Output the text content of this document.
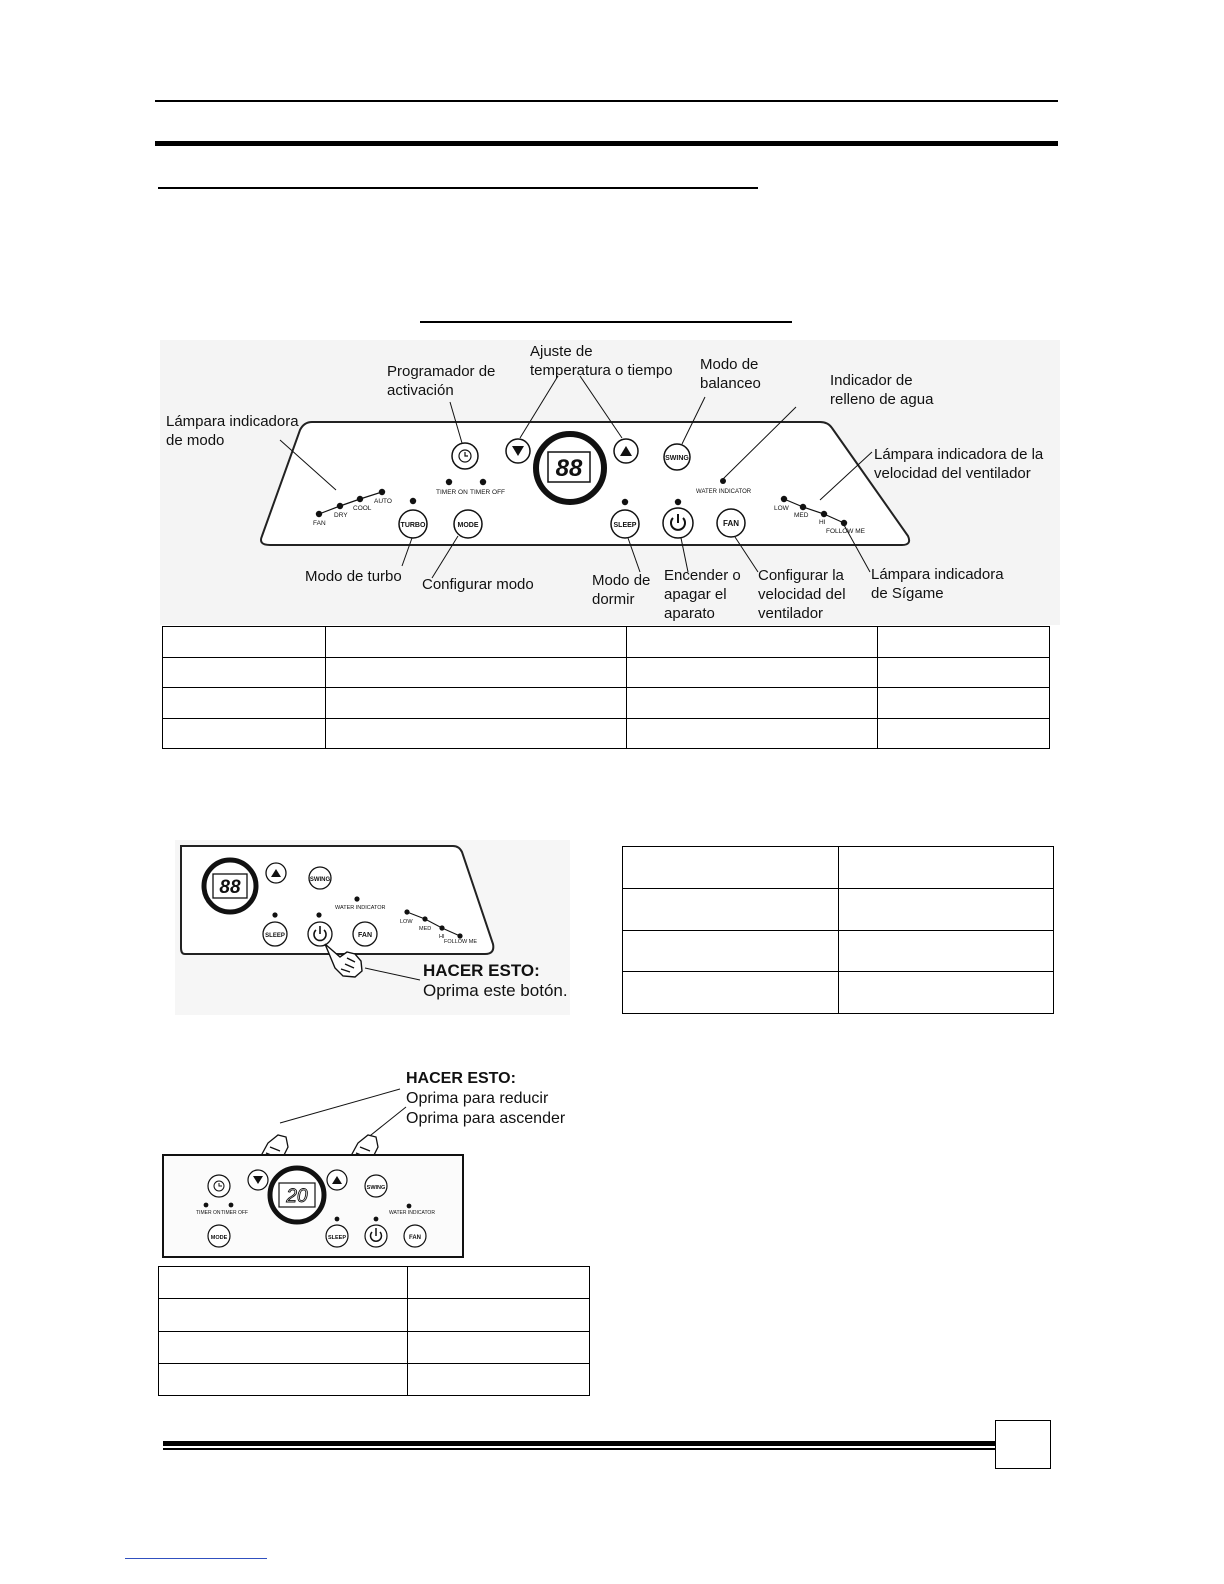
88
TIMER ON TIMER OFF
SWING
WATER INDICATOR
FAN
DRY
COOL
AUTO
TURBO	MODE	SLEEP	FAN
LOW
MED
HI
FOLLOW ME
Lámpara indicadora
de modo
Programador de
activación
Ajuste de
temperatura o tiempo Modo de
balanceo	Indicador de
relleno de agua
Lámpara indicadora de la
velocidad del ventilador
Modo de turbo Configurar modo	Modo de
dormir
Encender o
apagar el
aparato
Configurar la
velocidad del
ventilador
Lámpara indicadora
de Sígame

88	SWING
WATER INDICATOR
SLEEP	FAN
LOW
MED
HI
FOLLOW ME
HACER ESTO:
Oprima este botón.

HACER ESTO:
Oprima para reducir
Oprima para ascender
20
TIMER ON TIMER OFF
SWING
WATER INDICATOR
MODE	SLEEP	FAN
